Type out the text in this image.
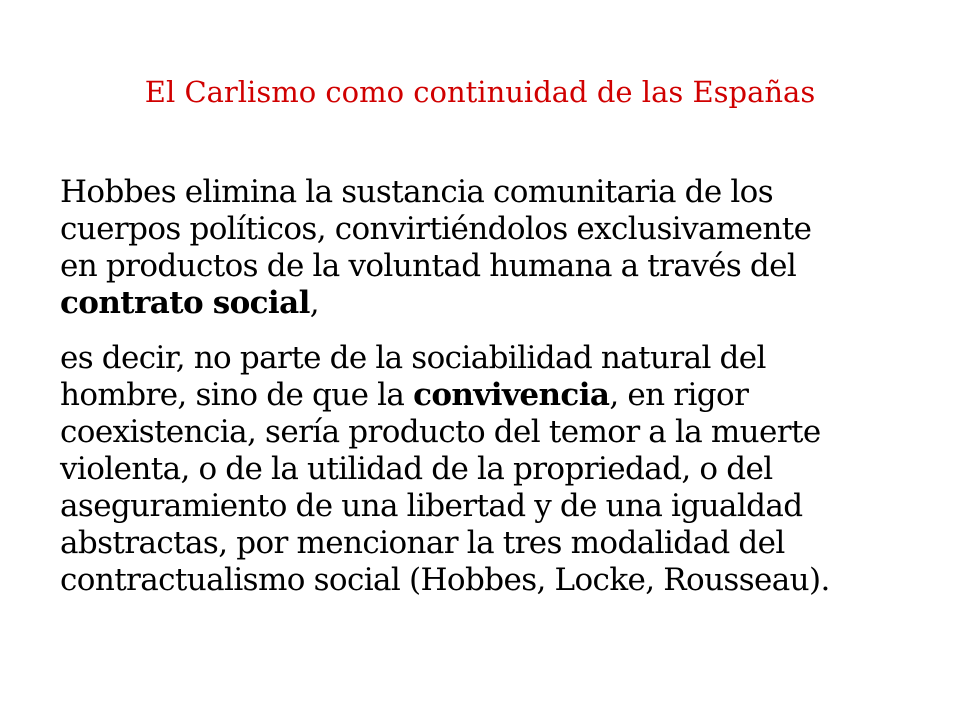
El Carlismo como continuidad de las Españas

Hobbes elimina la sustancia comunitaria de los
cuerpos políticos, convirtiéndolos exclusivamente
en productos de la voluntad humana a través del
contrato social,

es decir, no parte de la sociabilidad natural del
hombre, sino de que la convivencia, en rigor
coexistencia, sería producto del temor a la muerte
violenta, o de la utilidad de la propriedad, o del
aseguramiento de una libertad y de una igualdad
abstractas, por mencionar la tres modalidad del
contractualismo social (Hobbes, Locke, Rousseau).
